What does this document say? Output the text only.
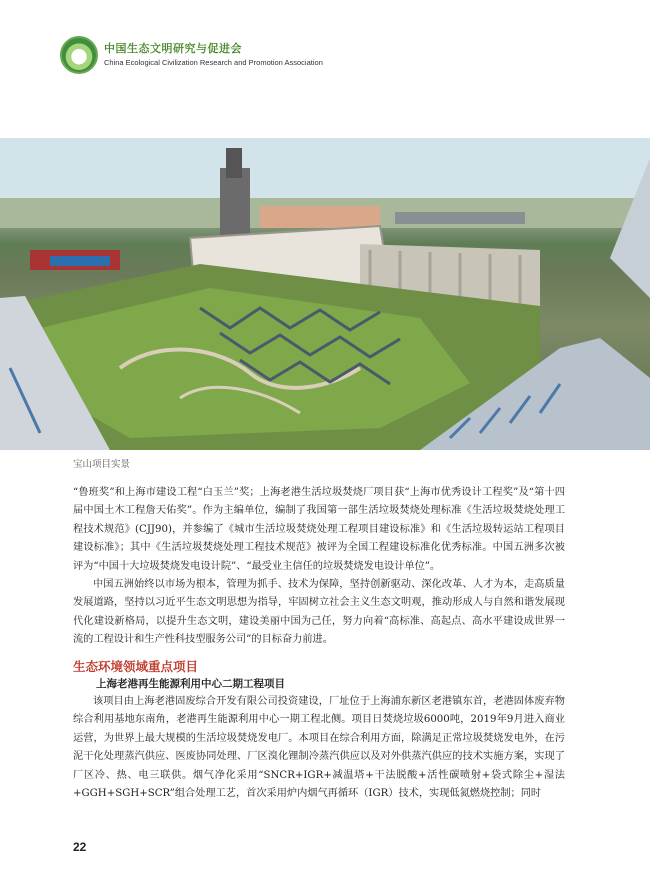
中国生态文明研究与促进会
China Ecological Civilization Research and Promotion Association
宝山项目实景

“鲁班奖”和上海市建设工程“白玉兰”奖；上海老港生活垃圾焚烧厂项目获“上海市优秀设计工程奖”及“第十四届中国土木工程詹天佑奖”。作为主编单位，编制了我国第一部生活垃圾焚烧处理标准《生活垃圾焚烧处理工程技术规范》(CJJ90)，并参编了《城市生活垃圾焚烧处理工程项目建设标准》和《生活垃圾转运站工程项目建设标准》；其中《生活垃圾焚烧处理工程技术规范》被评为全国工程建设标准化优秀标准。中国五洲多次被评为“中国十大垃圾焚烧发电设计院”、“最受业主信任的垃圾焚烧发电设计单位”。

中国五洲始终以市场为根本，管理为抓手、技术为保障，坚持创新驱动、深化改革、人才为本，走高质量发展道路，坚持以习近平生态文明思想为指导，牢固树立社会主义生态文明观，推动形成人与自然和谐发展现代化建设新格局，以提升生态文明，建设美丽中国为己任，努力向着“高标准、高起点、高水平建设成世界一流的工程设计和生产性科技型服务公司”的目标奋力前进。

生态环境领域重点项目
上海老港再生能源利用中心二期工程项目

该项目由上海老港固废综合开发有限公司投资建设，厂址位于上海浦东新区老港镇东首，老港固体废弃物综合利用基地东南角，老港再生能源利用中心一期工程北侧。项目日焚烧垃圾6000吨，2019年9月进入商业运营，为世界上最大规模的生活垃圾焚烧发电厂。本项目在综合利用方面，除满足正常垃圾焚烧发电外，在污泥干化处理蒸汽供应、医废协同处理、厂区溴化锂制冷蒸汽供应以及对外供蒸汽供应的技术实施方案，实现了厂区冷、热、电三联供。烟气净化采用“SNCR+IGR+减温塔+干法脱酸+活性碳喷射+袋式除尘+湿法+GGH+SGH+SCR”组合处理工艺，首次采用炉内烟气再循环（IGR）技术，实现低氮燃烧控制；同时

22
